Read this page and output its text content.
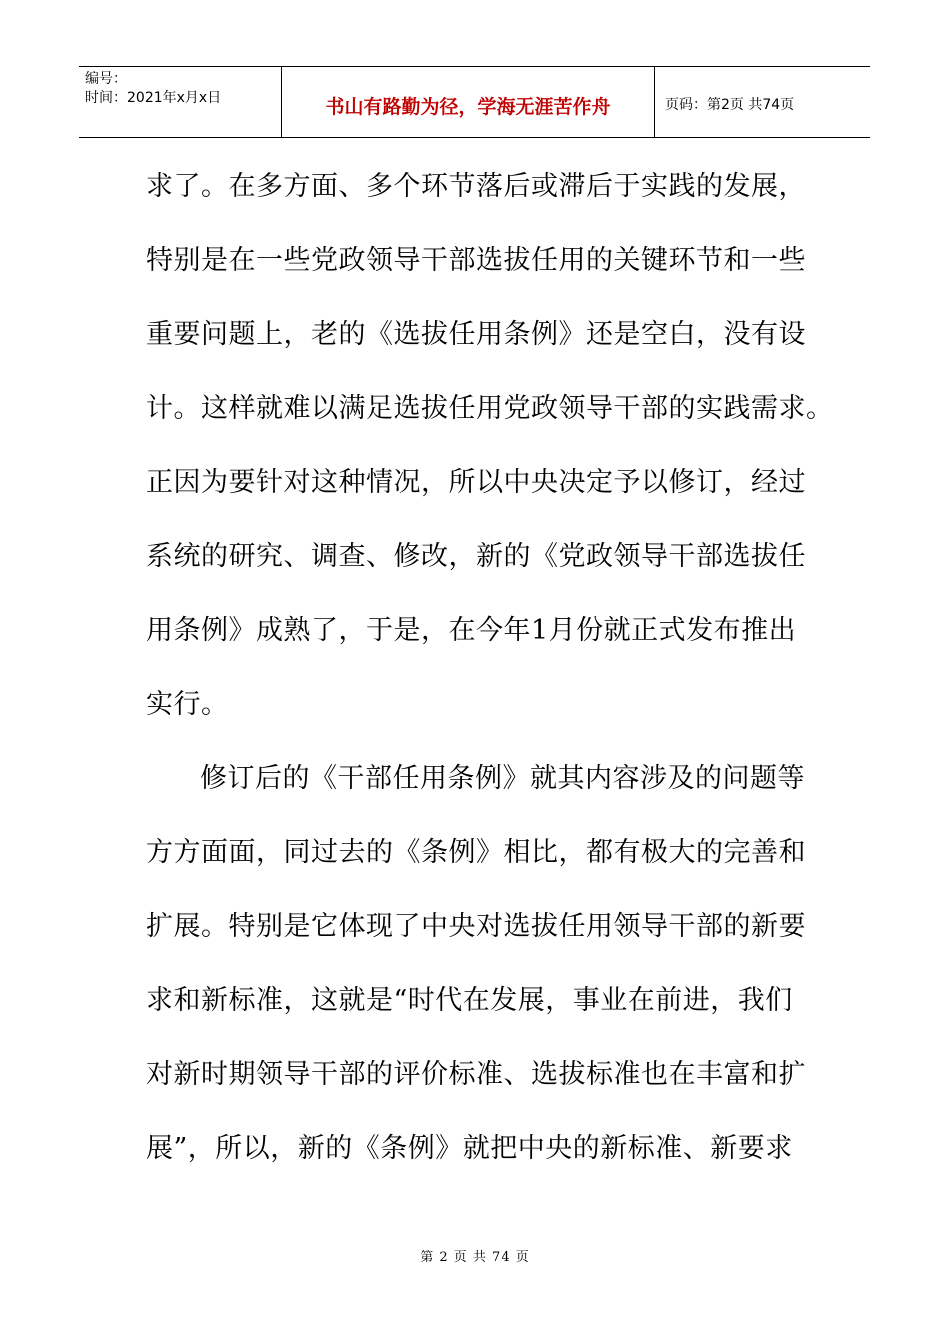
编号：
时间：2021年x月x日	书山有路勤为径，学海无涯苦作舟	页码：第2页 共74页
求了。在多方面、多个环节落后或滞后于实践的发展，
特别是在一些党政领导干部选拔任用的关键环节和一些
重要问题上，老的《选拔任用条例》还是空白，没有设
计。这样就难以满足选拔任用党政领导干部的实践需求。
正因为要针对这种情况，所以中央决定予以修订，经过
系统的研究、调查、修改，新的《党政领导干部选拔任
用条例》成熟了，于是，在今年1月份就正式发布推出
实行。
修订后的《干部任用条例》就其内容涉及的问题等
方方面面，同过去的《条例》相比，都有极大的完善和
扩展。特别是它体现了中央对选拔任用领导干部的新要
求和新标准，这就是“时代在发展，事业在前进，我们
对新时期领导干部的评价标准、选拔标准也在丰富和扩
展”，所以，新的《条例》就把中央的新标准、新要求
第 2 页 共 74 页
